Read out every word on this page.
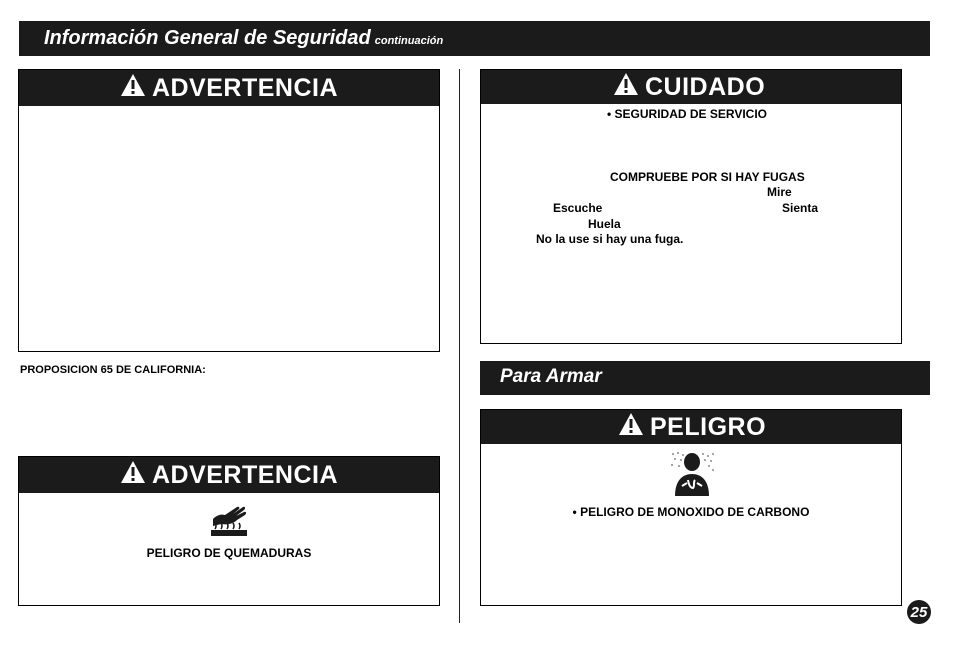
Información General de Seguridad continuación
ADVERTENCIA
PROPOSICION 65 DE CALIFORNIA:
ADVERTENCIA
PELIGRO DE QUEMADURAS
CUIDADO
• SEGURIDAD DE SERVICIO
COMPRUEBE POR SI HAY FUGAS
Mire
Escuche	Sienta
Huela
No la use si hay una fuga.
Para Armar
PELIGRO
• PELIGRO DE MONOXIDO DE CARBONO
25
